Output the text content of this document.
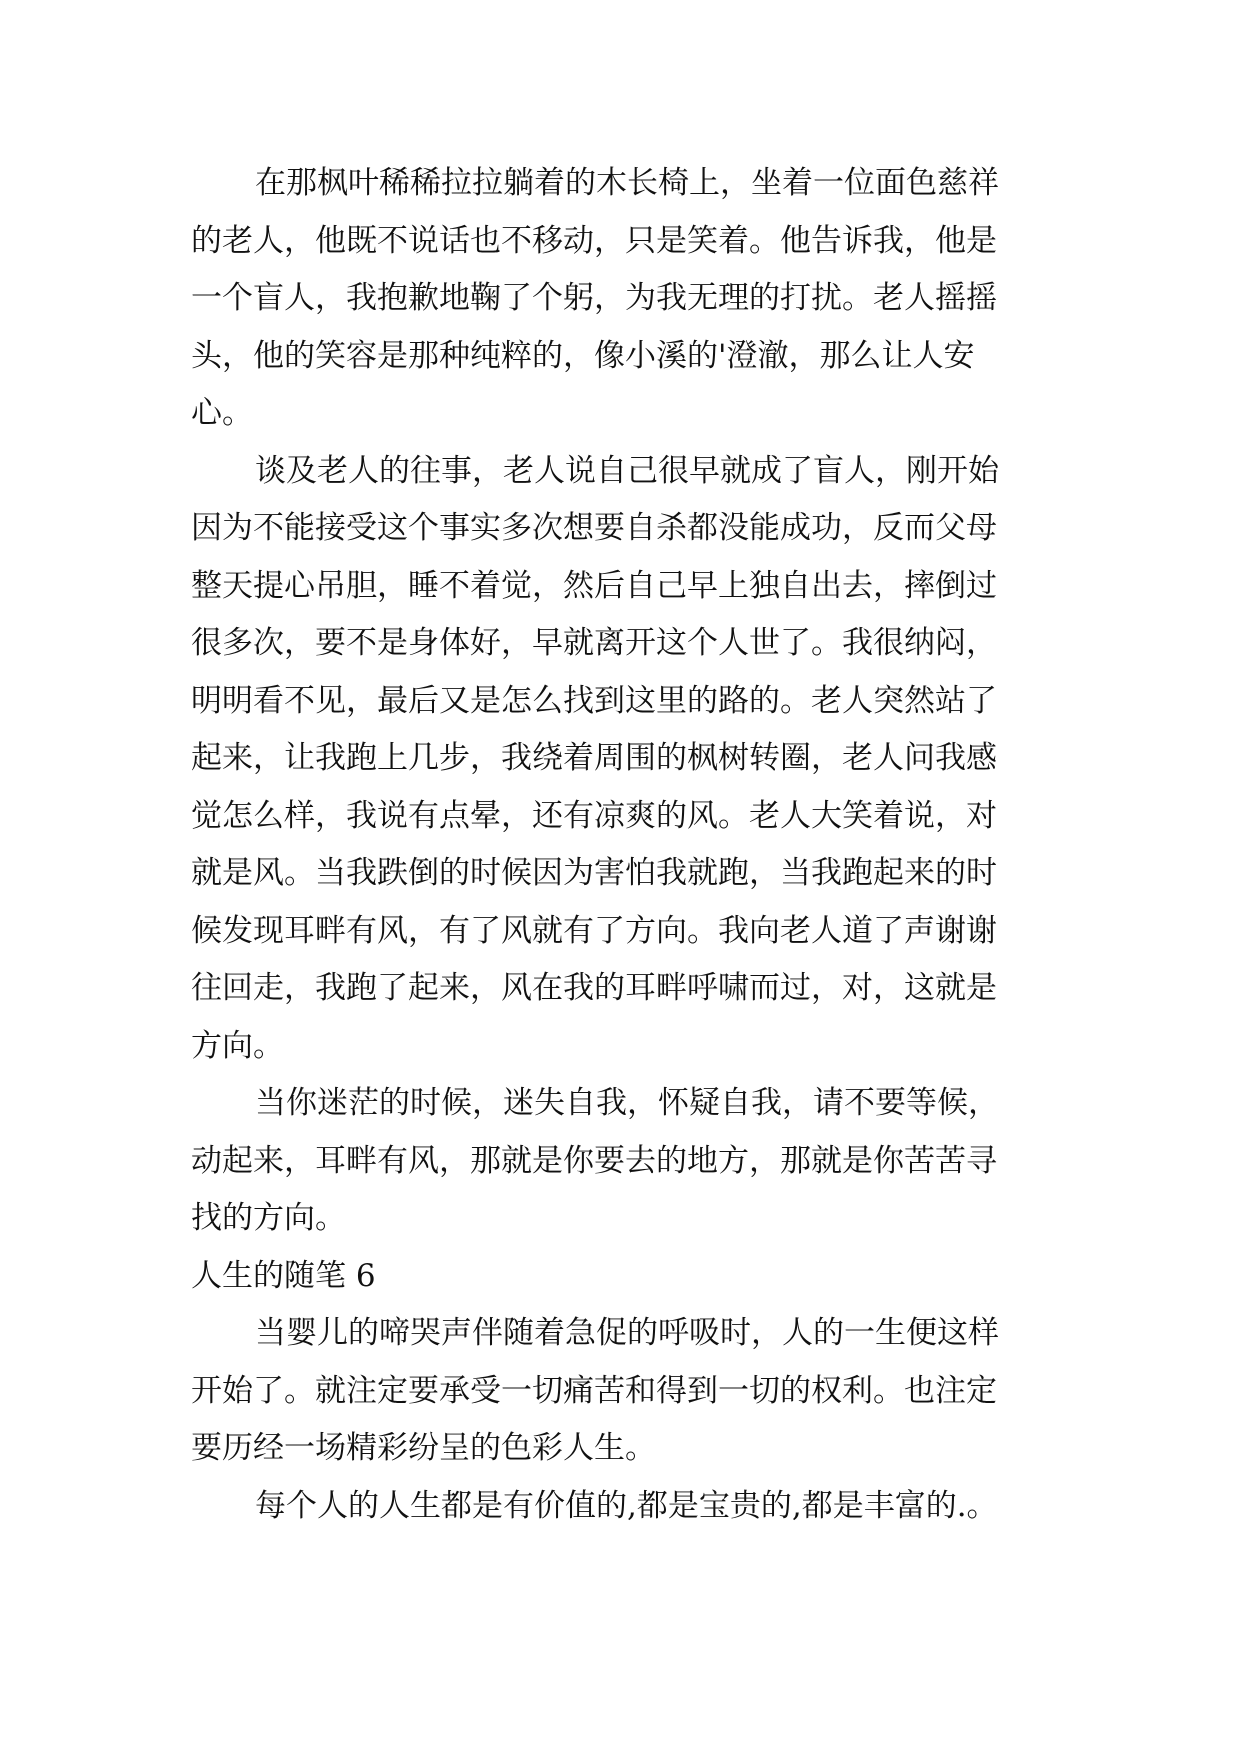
在那枫叶稀稀拉拉躺着的木长椅上，坐着一位面色慈祥
的老人，他既不说话也不移动，只是笑着。他告诉我，他是
一个盲人，我抱歉地鞠了个躬，为我无理的打扰。老人摇摇
头，他的笑容是那种纯粹的，像小溪的'澄澈，那么让人安
心。
谈及老人的往事，老人说自己很早就成了盲人，刚开始
因为不能接受这个事实多次想要自杀都没能成功，反而父母
整天提心吊胆，睡不着觉，然后自己早上独自出去，摔倒过
很多次，要不是身体好，早就离开这个人世了。我很纳闷，
明明看不见，最后又是怎么找到这里的路的。老人突然站了
起来，让我跑上几步，我绕着周围的枫树转圈，老人问我感
觉怎么样，我说有点晕，还有凉爽的风。老人大笑着说，对
就是风。当我跌倒的时候因为害怕我就跑，当我跑起来的时
候发现耳畔有风，有了风就有了方向。我向老人道了声谢谢
往回走，我跑了起来，风在我的耳畔呼啸而过，对，这就是
方向。
当你迷茫的时候，迷失自我，怀疑自我，请不要等候，
动起来，耳畔有风，那就是你要去的地方，那就是你苦苦寻
找的方向。
人生的随笔 6
当婴儿的啼哭声伴随着急促的呼吸时，人的一生便这样
开始了。就注定要承受一切痛苦和得到一切的权利。也注定
要历经一场精彩纷呈的色彩人生。
每个人的人生都是有价值的,都是宝贵的,都是丰富的.。
